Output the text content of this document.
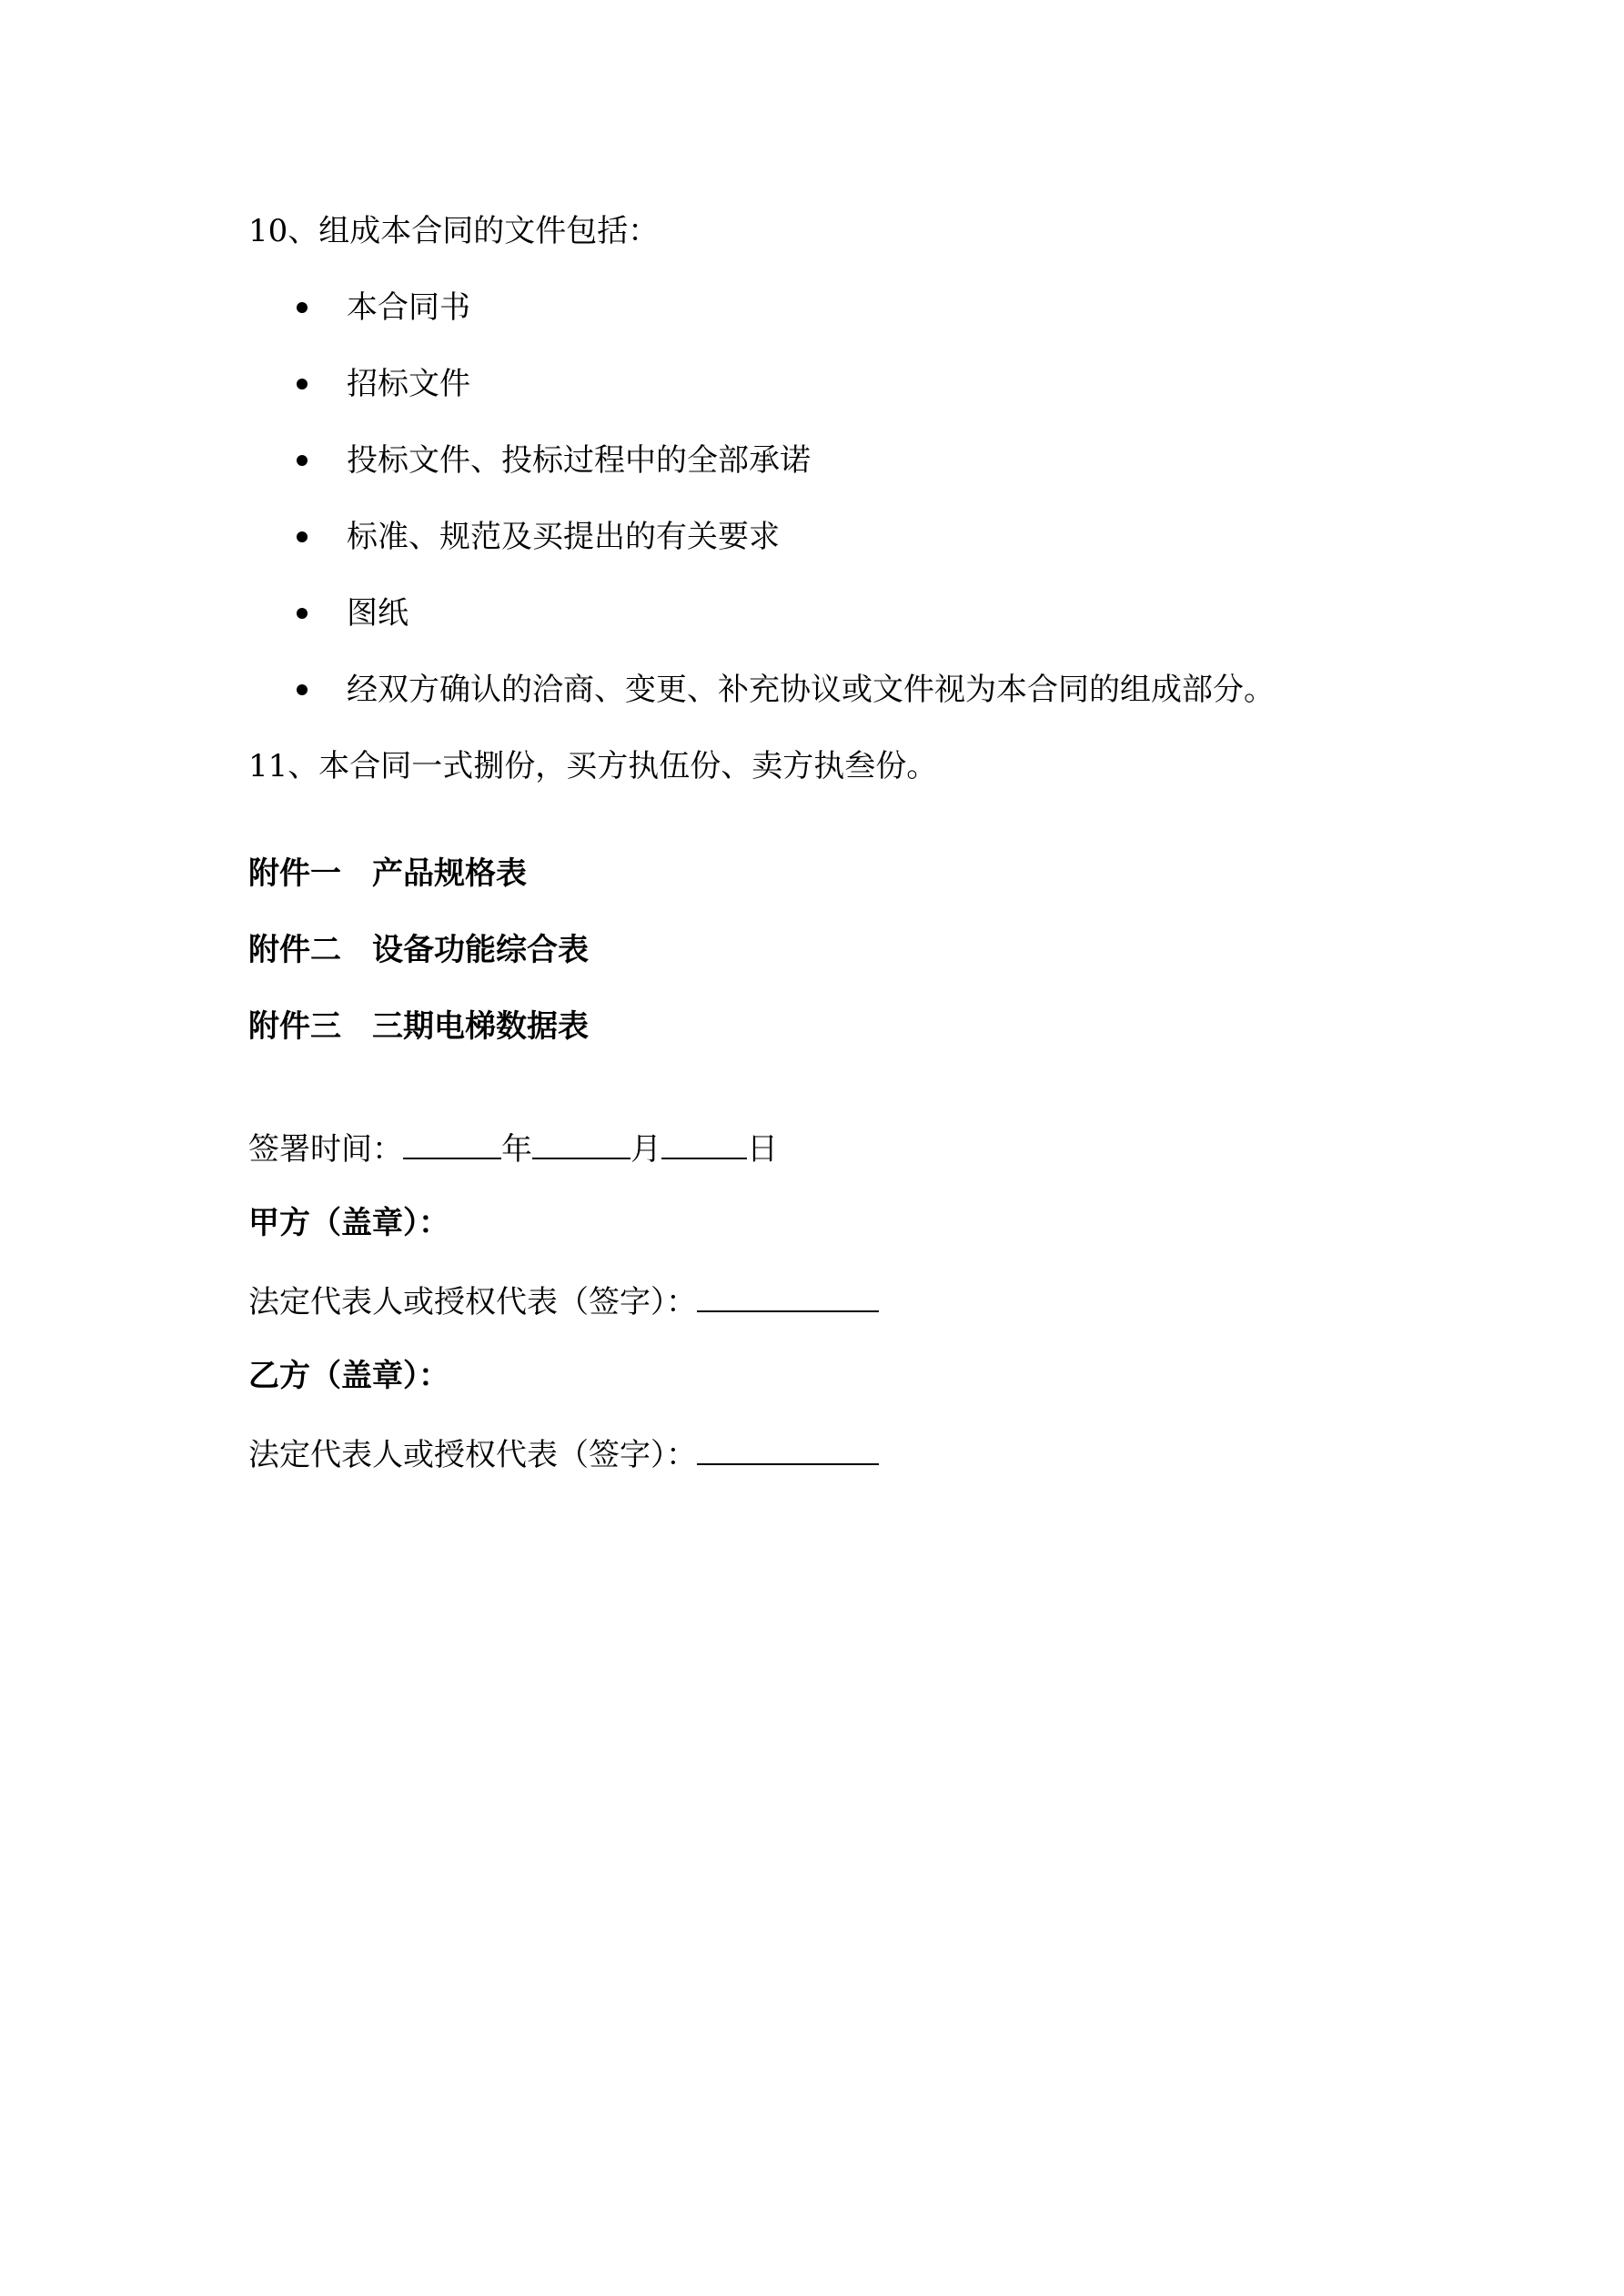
10、组成本合同的文件包括：
本合同书
招标文件
投标文件、投标过程中的全部承诺
标准、规范及买提出的有关要求
图纸
经双方确认的洽商、变更、补充协议或文件视为本合同的组成部分。
11、本合同一式捌份，买方执伍份、卖方执叁份。
附件一 产品规格表
附件二 设备功能综合表
附件三 三期电梯数据表
签署时间：	年	月	日
甲方（盖章）：
法定代表人或授权代表（签字）：
乙方（盖章）：
法定代表人或授权代表（签字）：
